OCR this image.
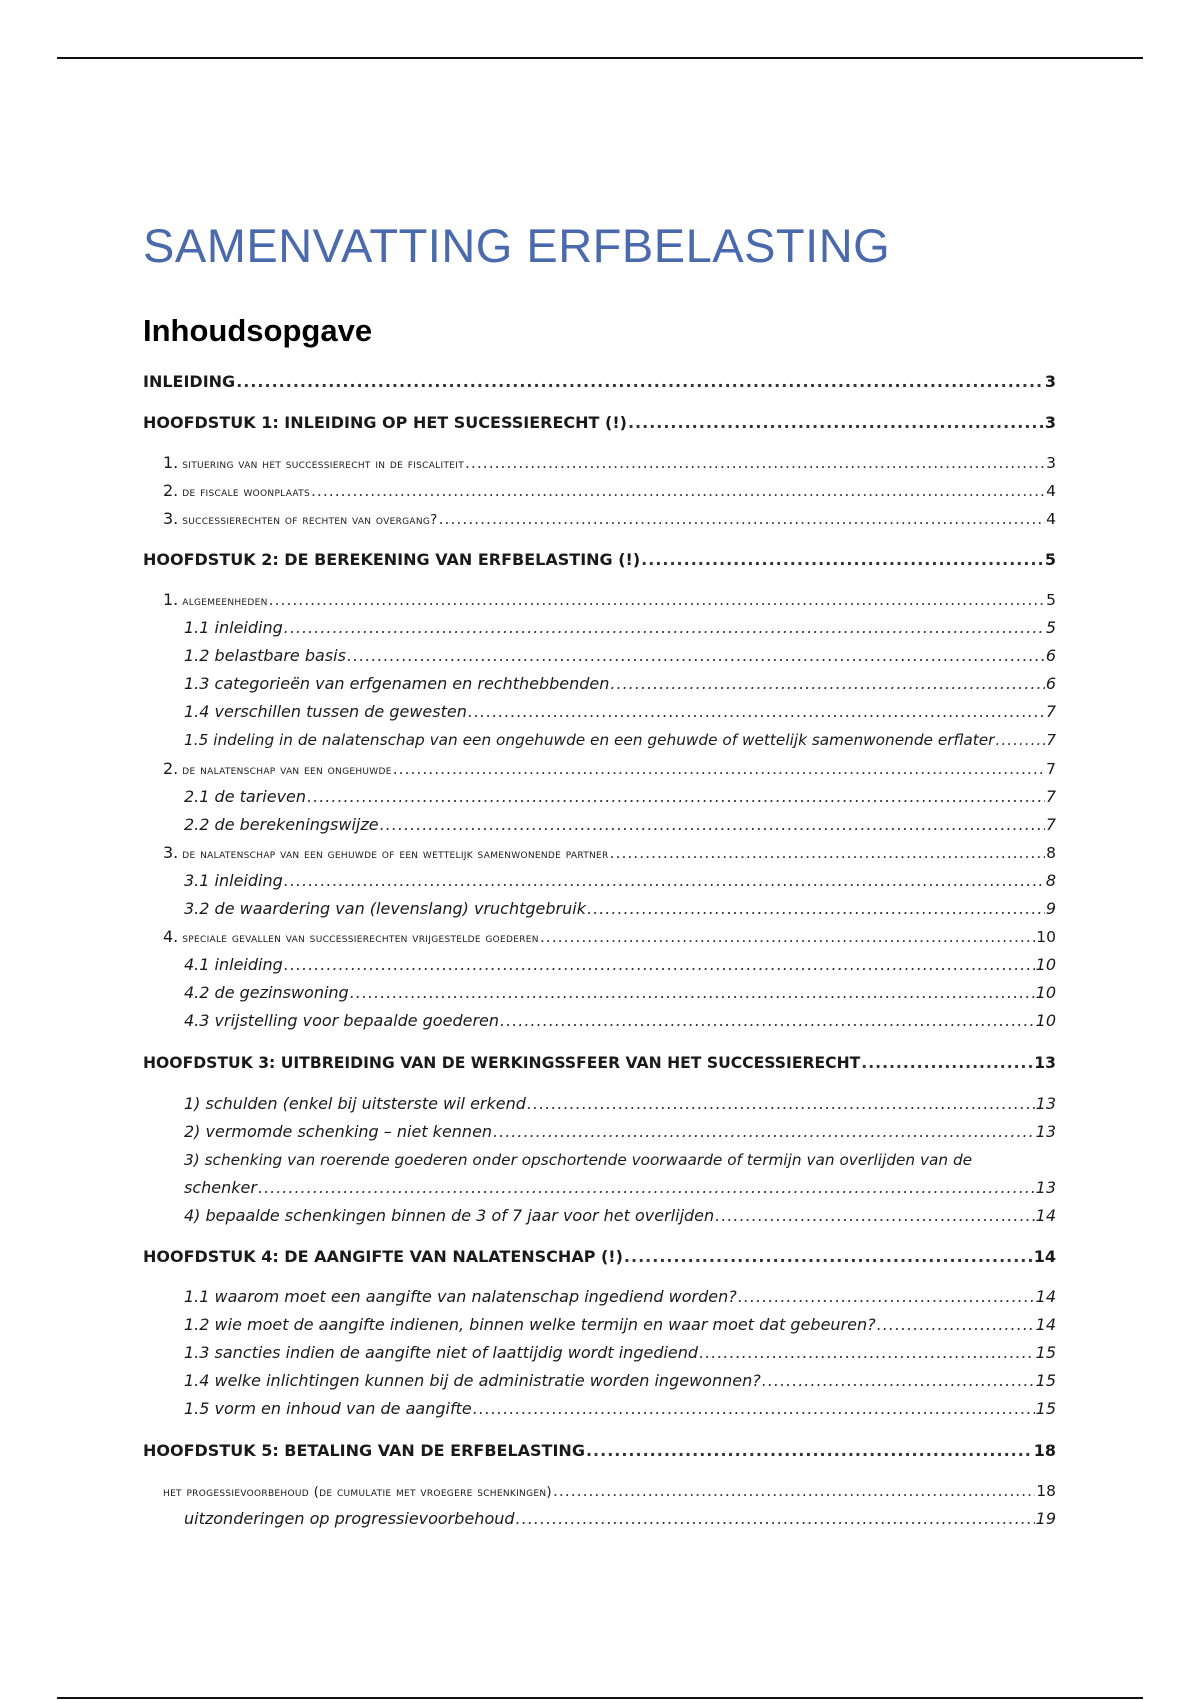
SAMENVATTING ERFBELASTING
Inhoudsopgave
INLEIDING .....	3
HOOFDSTUK 1: INLEIDING OP HET SUCESSIERECHT (!) .....	3
1. situering van het successierecht in de fiscaliteit .....	3
2. de fiscale woonplaats .....	4
3. successierechten of rechten van overgang? .....	4
HOOFDSTUK 2: DE BEREKENING VAN ERFBELASTING (!) .....	5
1. algemeenheden .....	5
1.1 inleiding .....	5
1.2 belastbare basis .....	6
1.3 categorieën van erfgenamen en rechthebbenden .....	6
1.4 verschillen tussen de gewesten .....	7
1.5 indeling in de nalatenschap van een ongehuwde en een gehuwde of wettelijk samenwonende erflater .....	7
2. de nalatenschap van een ongehuwde .....	7
2.1 de tarieven .....	7
2.2 de berekeningswijze .....	7
3. de nalatenschap van een gehuwde of een wettelijk samenwonende partner .....	8
3.1 inleiding .....	8
3.2 de waardering van (levenslang) vruchtgebruik .....	9
4. speciale gevallen van successierechten vrijgestelde goederen .....	10
4.1 inleiding .....	10
4.2 de gezinswoning .....	10
4.3 vrijstelling voor bepaalde goederen .....	10
HOOFDSTUK 3: UITBREIDING VAN DE WERKINGSSFEER VAN HET SUCCESSIERECHT .....	13
1) schulden (enkel bij uitsterste wil erkend .....	13
2) vermomde schenking – niet kennen .....	13
3) schenking van roerende goederen onder opschortende voorwaarde of termijn van overlijden van de
schenker .....	13
4) bepaalde schenkingen binnen de 3 of 7 jaar voor het overlijden .....	14
HOOFDSTUK 4: DE AANGIFTE VAN NALATENSCHAP (!) .....	14
1.1 waarom moet een aangifte van nalatenschap ingediend worden? .....	14
1.2 wie moet de aangifte indienen, binnen welke termijn en waar moet dat gebeuren? .....	14
1.3 sancties indien de aangifte niet of laattijdig wordt ingediend .....	15
1.4 welke inlichtingen kunnen bij de administratie worden ingewonnen? .....	15
1.5 vorm en inhoud van de aangifte .....	15
HOOFDSTUK 5: BETALING VAN DE ERFBELASTING .....	18
het progessievoorbehoud (de cumulatie met vroegere schenkingen) .....	18
uitzonderingen op progressievoorbehoud .....	19
